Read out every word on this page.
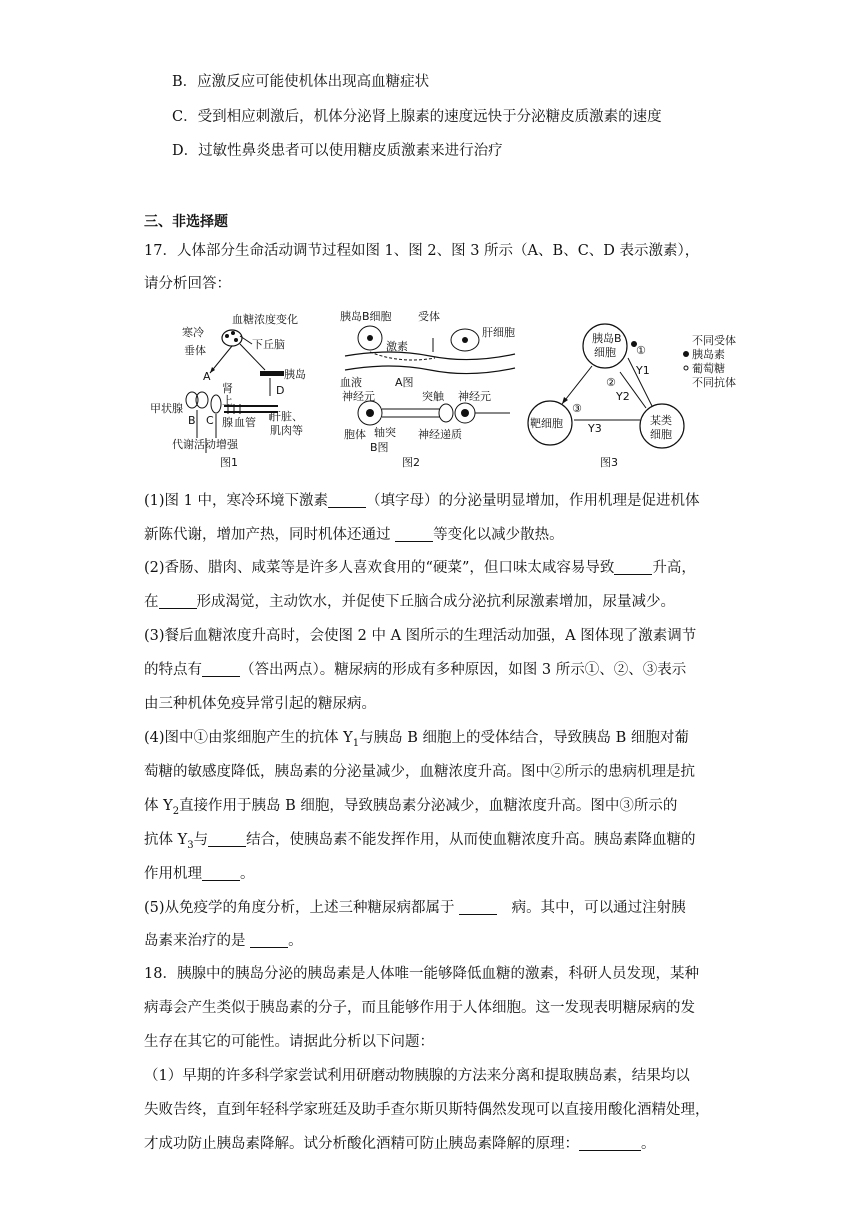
B．应激反应可能使机体出现高血糖症状
C．受到相应刺激后，机体分泌肾上腺素的速度远快于分泌糖皮质激素的速度
D．过敏性鼻炎患者可以使用糖皮质激素来进行治疗
三、非选择题
17．人体部分生命活动调节过程如图 1、图 2、图 3 所示（A、B、C、D 表示激素），
请分析回答：
血糖浓度变化
寒冷
垂体	下丘脑
A	胰岛
D
甲状腺
B C
肾
上
腺 血管 肝脏、
肌肉等
代谢活动增强
图1
胰岛B细胞 受体
肝细胞
激素
血液	A图
神经元	突触 神经元
胞体 轴突 神经递质
B图
图2
胰岛B
细胞 ①
②
③
Y1
Y2
Y3
靶细胞	某类
细胞
不同受体
胰岛素
葡萄糖
不同抗体
图3
(1)图 1 中，寒冷环境下激素	（填字母）的分泌量明显增加，作用机理是促进机体
新陈代谢，增加产热，同时机体还通过	等变化以减少散热。
(2)香肠、腊肉、咸菜等是许多人喜欢食用的“硬菜”，但口味太咸容易导致	升高，
在	形成渴觉，主动饮水，并促使下丘脑合成分泌抗利尿激素增加，尿量减少。
(3)餐后血糖浓度升高时，会使图 2 中 A 图所示的生理活动加强，A 图体现了激素调节
的特点有	（答出两点）。糖尿病的形成有多种原因，如图 3 所示①、②、③表示
由三种机体免疫异常引起的糖尿病。
(4)图中①由浆细胞产生的抗体 $Y_1$与胰岛 B 细胞上的受体结合，导致胰岛 B 细胞对葡
萄糖的敏感度降低，胰岛素的分泌量减少，血糖浓度升高。图中②所示的患病机理是抗
体 $Y_2$直接作用于胰岛 B 细胞，导致胰岛素分泌减少，血糖浓度升高。图中③所示的
抗体 $Y_3$与	结合，使胰岛素不能发挥作用，从而使血糖浓度升高。胰岛素降血糖的
作用机理	。
(5)从免疫学的角度分析，上述三种糖尿病都属于	　病。其中，可以通过注射胰
岛素来治疗的是	。
18．胰腺中的胰岛分泌的胰岛素是人体唯一能够降低血糖的激素，科研人员发现，某种
病毒会产生类似于胰岛素的分子，而且能够作用于人体细胞。这一发现表明糖尿病的发
生存在其它的可能性。请据此分析以下问题：
（1）早期的许多科学家尝试利用研磨动物胰腺的方法来分离和提取胰岛素，结果均以
失败告终，直到年轻科学家班廷及助手查尔斯贝斯特偶然发现可以直接用酸化酒精处理，
才成功防止胰岛素降解。试分析酸化酒精可防止胰岛素降解的原理：	。
